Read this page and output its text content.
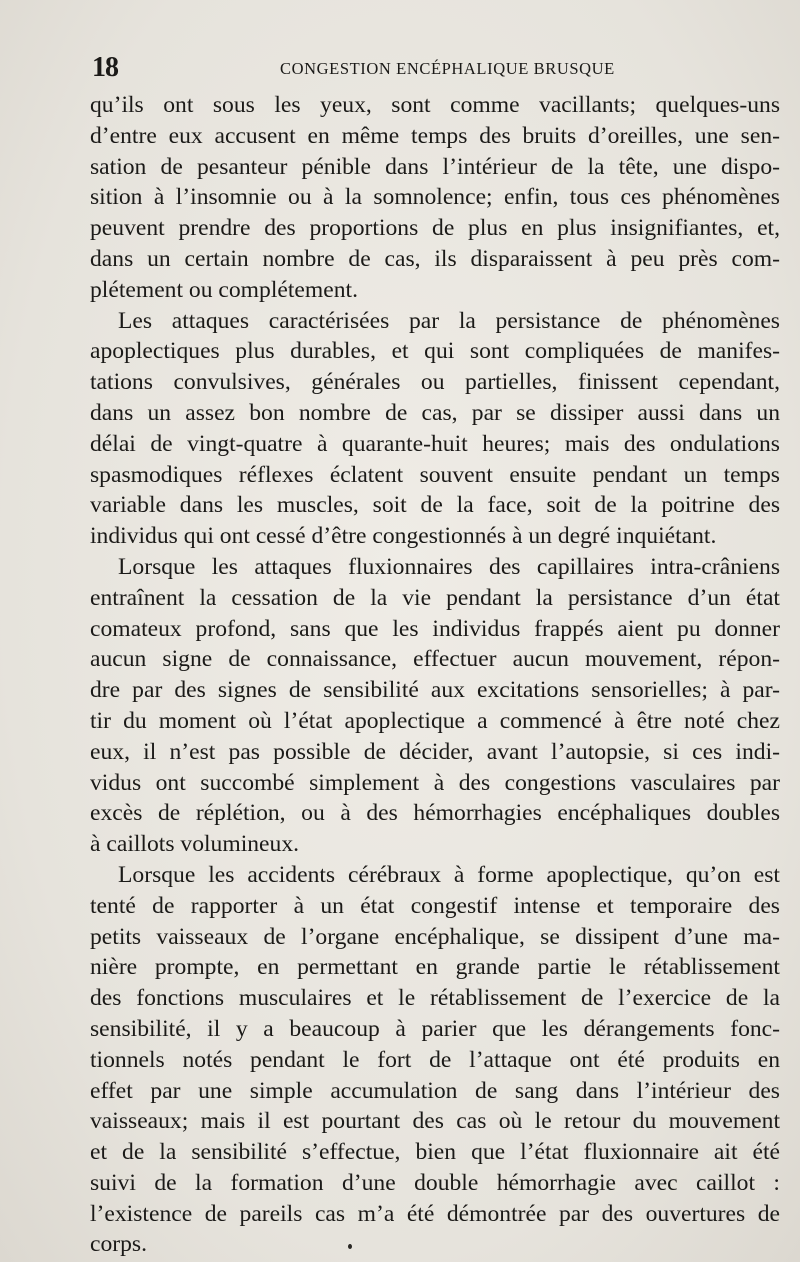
18	CONGESTION ENCÉPHALIQUE BRUSQUE
qu’ils ont sous les yeux, sont comme vacillants; quelques-uns
d’entre eux accusent en même temps des bruits d’oreilles, une sen-
sation de pesanteur pénible dans l’intérieur de la tête, une dispo-
sition à l’insomnie ou à la somnolence; enfin, tous ces phénomènes
peuvent prendre des proportions de plus en plus insignifiantes, et,
dans un certain nombre de cas, ils disparaissent à peu près com-
plétement ou complétement.
Les attaques caractérisées par la persistance de phénomènes
apoplectiques plus durables, et qui sont compliquées de manifes-
tations convulsives, générales ou partielles, finissent cependant,
dans un assez bon nombre de cas, par se dissiper aussi dans un
délai de vingt-quatre à quarante-huit heures; mais des ondulations
spasmodiques réflexes éclatent souvent ensuite pendant un temps
variable dans les muscles, soit de la face, soit de la poitrine des
individus qui ont cessé d’être congestionnés à un degré inquiétant.
Lorsque les attaques fluxionnaires des capillaires intra-crâniens
entraînent la cessation de la vie pendant la persistance d’un état
comateux profond, sans que les individus frappés aient pu donner
aucun signe de connaissance, effectuer aucun mouvement, répon-
dre par des signes de sensibilité aux excitations sensorielles; à par-
tir du moment où l’état apoplectique a commencé à être noté chez
eux, il n’est pas possible de décider, avant l’autopsie, si ces indi-
vidus ont succombé simplement à des congestions vasculaires par
excès de réplétion, ou à des hémorrhagies encéphaliques doubles
à caillots volumineux.
Lorsque les accidents cérébraux à forme apoplectique, qu’on est
tenté de rapporter à un état congestif intense et temporaire des
petits vaisseaux de l’organe encéphalique, se dissipent d’une ma-
nière prompte, en permettant en grande partie le rétablissement
des fonctions musculaires et le rétablissement de l’exercice de la
sensibilité, il y a beaucoup à parier que les dérangements fonc-
tionnels notés pendant le fort de l’attaque ont été produits en
effet par une simple accumulation de sang dans l’intérieur des
vaisseaux; mais il est pourtant des cas où le retour du mouvement
et de la sensibilité s’effectue, bien que l’état fluxionnaire ait été
suivi de la formation d’une double hémorrhagie avec caillot :
l’existence de pareils cas m’a été démontrée par des ouvertures de
corps.
